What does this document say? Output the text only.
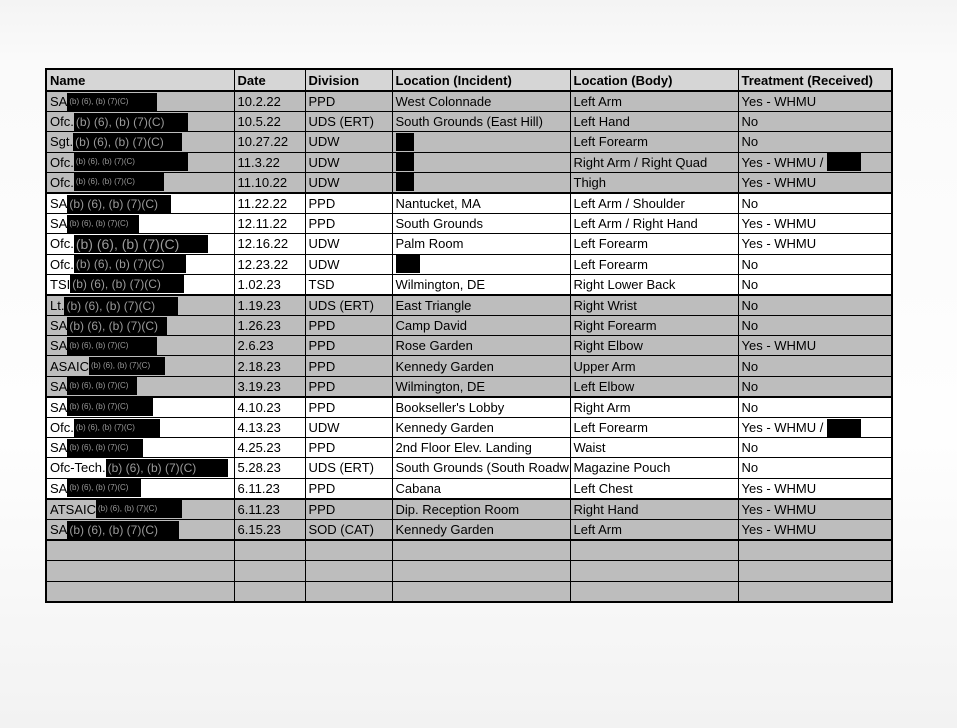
Name	Date	Division	Location (Incident)	Location (Body)	Treatment (Received)
SA (b) (6), (b) (7)(C)	10.2.22	PPD	West Colonnade	Left Arm	Yes - WHMU
Ofc. (b) (6), (b) (7)(C)	10.5.22	UDS (ERT)	South Grounds (East Hill)	Left Hand	No
Sgt. (b) (6), (b) (7)(C)	10.27.22	UDW		Left Forearm	No
Ofc. (b) (6), (b) (7)(C)	11.3.22	UDW		Right Arm / Right Quad	Yes - WHMU /
Ofc. (b) (6), (b) (7)(C)	11.10.22	UDW		Thigh	Yes - WHMU
SA (b) (6), (b) (7)(C)	11.22.22	PPD	Nantucket, MA	Left Arm / Shoulder	No
SA (b) (6), (b) (7)(C)	12.11.22	PPD	South Grounds	Left Arm / Right Hand	Yes - WHMU
Ofc. (b) (6), (b) (7)(C)	12.16.22	UDW	Palm Room	Left Forearm	Yes - WHMU
Ofc. (b) (6), (b) (7)(C)	12.23.22	UDW		Left Forearm	No
TSI (b) (6), (b) (7)(C)	1.02.23	TSD	Wilmington, DE	Right Lower Back	No
Lt. (b) (6), (b) (7)(C)	1.19.23	UDS (ERT)	East Triangle	Right Wrist	No
SA (b) (6), (b) (7)(C)	1.26.23	PPD	Camp David	Right Forearm	No
SA (b) (6), (b) (7)(C)	2.6.23	PPD	Rose Garden	Right Elbow	Yes - WHMU
ASAIC (b) (6), (b) (7)(C)	2.18.23	PPD	Kennedy Garden	Upper Arm	No
SA (b) (6), (b) (7)(C)	3.19.23	PPD	Wilmington, DE	Left Elbow	No
SA (b) (6), (b) (7)(C)	4.10.23	PPD	Bookseller's Lobby	Right Arm	No
Ofc. (b) (6), (b) (7)(C)	4.13.23	UDW	Kennedy Garden	Left Forearm	Yes - WHMU /
SA (b) (6), (b) (7)(C)	4.25.23	PPD	2nd Floor Elev. Landing	Waist	No
Ofc-Tech. (b) (6), (b) (7)(C)	5.28.23	UDS (ERT)	South Grounds (South Roadw	Magazine Pouch	No
SA (b) (6), (b) (7)(C)	6.11.23	PPD	Cabana	Left Chest	Yes - WHMU
ATSAIC (b) (6), (b) (7)(C)	6.11.23	PPD	Dip. Reception Room	Right Hand	Yes - WHMU
SA (b) (6), (b) (7)(C)	6.15.23	SOD (CAT)	Kennedy Garden	Left Arm	Yes - WHMU
